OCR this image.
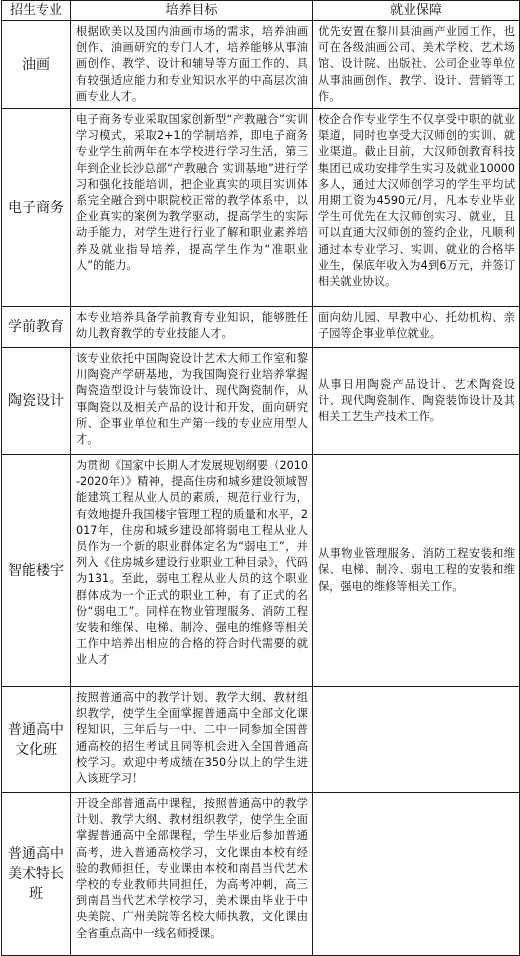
招生专业	培养目标	就业保障
油画	根据欧美以及国内油画市场的需求，培养油画创作、油画研究的专门人才，培养能够从事油画创作、教学、设计和辅导等方面工作的、具有较强适应能力和专业知识水平的中高层次油画专业人才。	优先安置在黎川县油画产业园工作，也可在各级油画公司、美术学校、艺术场馆、设计院、出版社、公司企业等单位从事油画创作、教学、设计、营销等工作。
电子商务	电子商务专业采取国家创新型“产教融合”实训学习模式，采取2+1的学制培养，即电子商务专业学生前两年在本学校进行学习生活，第三年到企业长沙总部“产教融合 实训基地”进行学习和强化技能培训，把企业真实的项目实训体系完全融合到中职院校正常的教学体系中，以企业真实的案例为教学驱动，提高学生的实际动手能力，对学生进行行业了解和职业素养培养及就业指导培养，提高学生作为“准职业人”的能力。	校企合作专业学生不仅享受中职的就业渠道，同时也享受大汉师创的实训、就业渠道。截止目前，大汉师创教育科技集团已成功安排学生实习及就业10000多人，通过大汉师创学习的学生平均试用期工资为4590元/月，凡本专业毕业学生可优先在大汉师创实习、就业，且可以直通大汉师创的签约企业，凡顺利通过本专业学习、实训、就业的合格毕业生，保底年收入为4到6万元，并签订相关就业协议。
学前教育	本专业培养具备学前教育专业知识，能够胜任幼儿教育教学的专业技能人才。	面向幼儿园、早教中心、托幼机构、亲子园等企事业单位就业。
陶瓷设计	该专业依托中国陶瓷设计艺术大师工作室和黎川陶瓷产学研基地，为我国陶瓷行业培养掌握陶瓷造型设计与装饰设计、现代陶瓷制作，从事陶瓷以及相关产品的设计和开发，面向研究所、企事业单位和生产第一线的专业应用型人才。	从事日用陶瓷产品设计、艺术陶瓷设计、现代陶瓷制作、陶瓷装饰设计及其相关工艺生产技术工作。
智能楼宇	为贯彻《国家中长期人才发展规划纲要（2010-2020年）》精神，提高住房和城乡建设领域智能建筑工程从业人员的素质，规范行业行为，有效地提升我国楼宇管理工程的质量和水平，2017年，住房和城乡建设部将弱电工程从业人员作为一个新的职业群体定名为“弱电工”，并列入《住房城乡建设行业职业工种目录》，代码为131。至此，弱电工程从业人员的这个职业群体成为一个正式的职业工种，有了正式的名份“弱电工”。同样在物业管理服务、消防工程安装和维保、电梯、制冷、强电的维修等相关工作中培养出相应的合格的符合时代需要的就业人才	从事物业管理服务、消防工程安装和维保、电梯、制冷、弱电工程的安装和维保，强电的维修等相关工作。
普通高中文化班	按照普通高中的教学计划、教学大纲、教材组织教学，使学生全面掌握普通高中全部文化课程知识，三年后与一中、二中一同参加全国普通高校的招生考试且同等机会进入全国普通高校学习。欢迎中考成绩在350分以上的学生进入该班学习！	
普通高中美术特长班	开设全部普通高中课程，按照普通高中的教学计划、教学大纲、教材组织教学，使学生全面掌握普通高中全部课程，学生毕业后参加普通高考，进入普通高校学习，文化课由本校有经验的教师担任，专业课由本校和南昌当代艺术学校的专业教师共同担任，为高考冲刺，高三到南昌当代艺术学校学习，美术课由毕业于中央美院、广州美院等名校大师执教，文化课由全省重点高中一线名师授课。	
